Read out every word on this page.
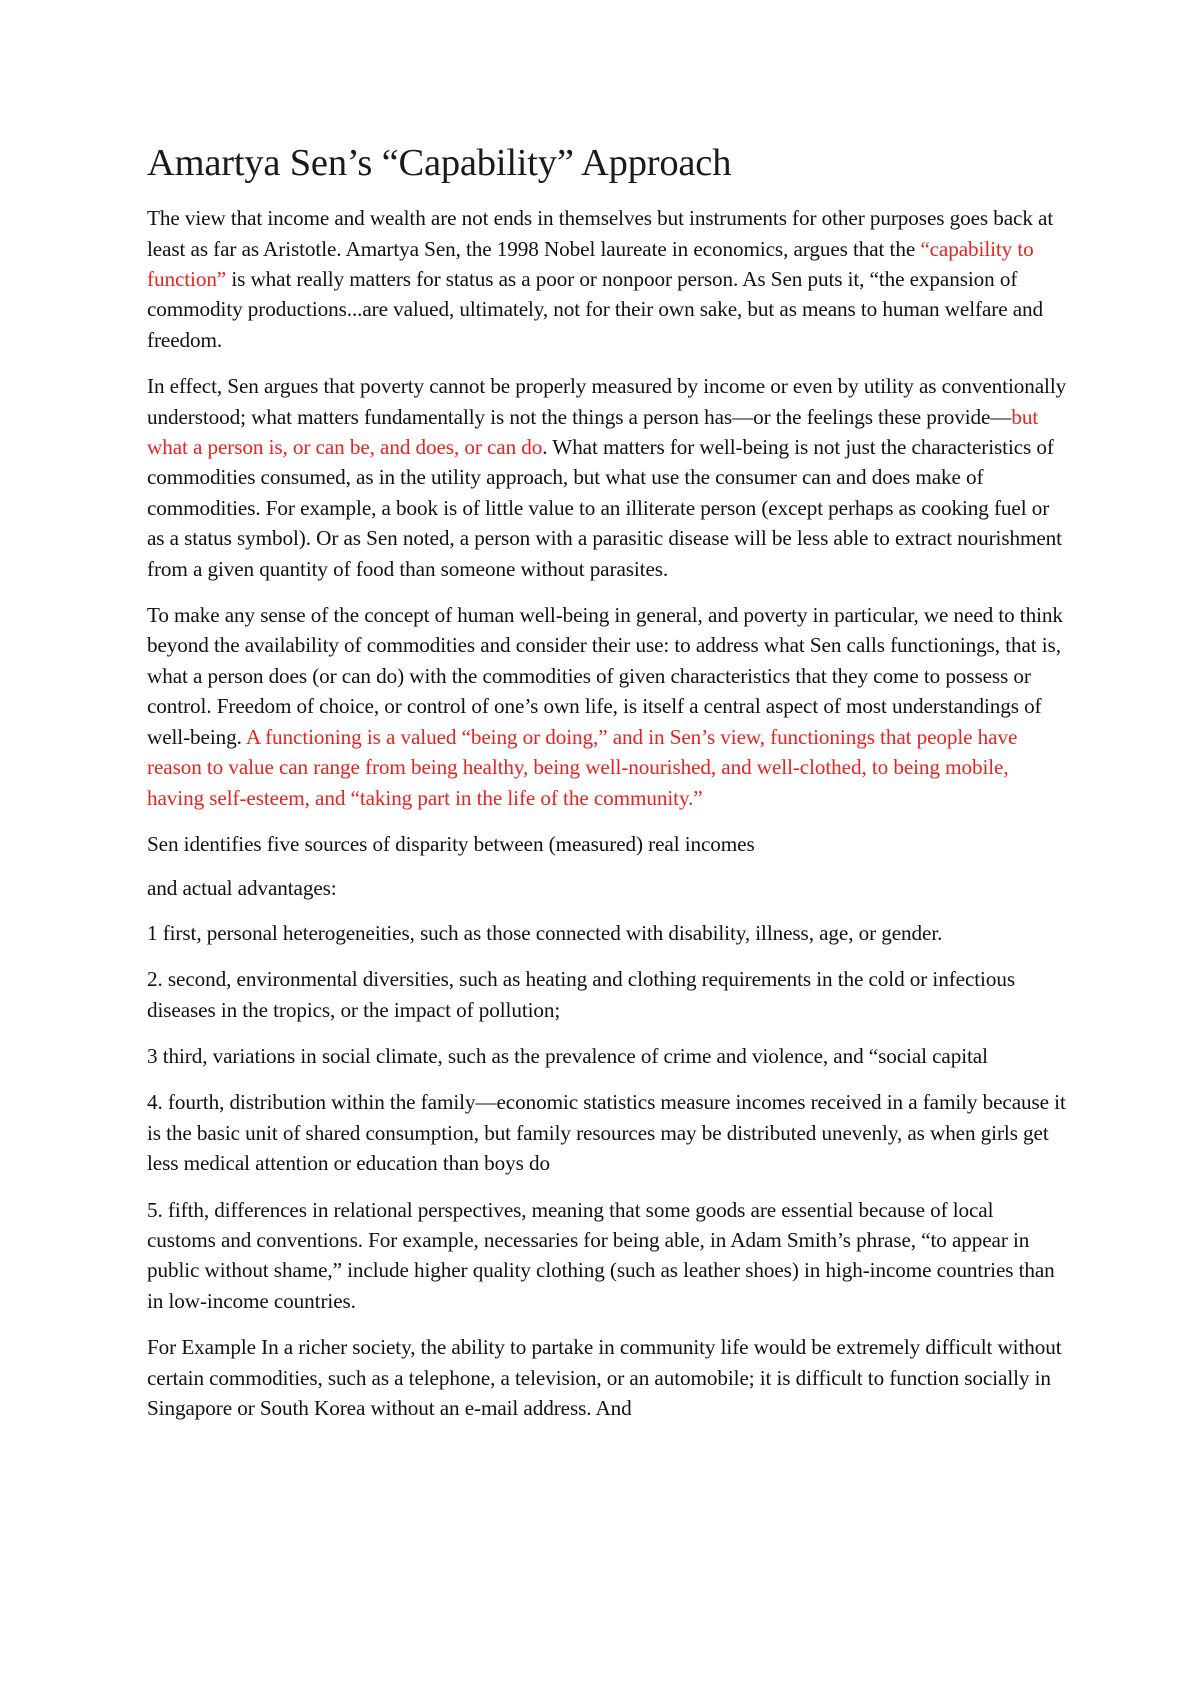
Amartya Sen’s “Capability” Approach

The view that income and wealth are not ends in themselves but instruments for other purposes goes back at least as far as Aristotle. Amartya Sen, the 1998 Nobel laureate in economics, argues that the “capability to function” is what really matters for status as a poor or nonpoor person. As Sen puts it, “the expansion of commodity productions...are valued, ultimately, not for their own sake, but as means to human welfare and freedom.

In effect, Sen argues that poverty cannot be properly measured by income or even by utility as conventionally understood; what matters fundamentally is not the things a person has—or the feelings these provide—but what a person is, or can be, and does, or can do. What matters for well-being is not just the characteristics of commodities consumed, as in the utility approach, but what use the consumer can and does make of commodities. For example, a book is of little value to an illiterate person (except perhaps as cooking fuel or as a status symbol). Or as Sen noted, a person with a parasitic disease will be less able to extract nourishment from a given quantity of food than someone without parasites.

To make any sense of the concept of human well-being in general, and poverty in particular, we need to think beyond the availability of commodities and consider their use: to address what Sen calls functionings, that is, what a person does (or can do) with the commodities of given characteristics that they come to possess or control. Freedom of choice, or control of one’s own life, is itself a central aspect of most understandings of well-being. A functioning is a valued “being or doing,” and in Sen’s view, functionings that people have reason to value can range from being healthy, being well-nourished, and well-clothed, to being mobile, having self-esteem, and “taking part in the life of the community.”

Sen identifies five sources of disparity between (measured) real incomes

and actual advantages:

1 first, personal heterogeneities, such as those connected with disability, illness, age, or gender.

2. second, environmental diversities, such as heating and clothing requirements in the cold or infectious diseases in the tropics, or the impact of pollution;

3 third, variations in social climate, such as the prevalence of crime and violence, and “social capital

4. fourth, distribution within the family—economic statistics measure incomes received in a family because it is the basic unit of shared consumption, but family resources may be distributed unevenly, as when girls get less medical attention or education than boys do

5. fifth, differences in relational perspectives, meaning that some goods are essential because of local customs and conventions. For example, necessaries for being able, in Adam Smith’s phrase, “to appear in public without shame,” include higher quality clothing (such as leather shoes) in high-income countries than in low-income countries.

For Example In a richer society, the ability to partake in community life would be extremely difficult without certain commodities, such as a telephone, a television, or an automobile; it is difficult to function socially in Singapore or South Korea without an e-mail address. And
